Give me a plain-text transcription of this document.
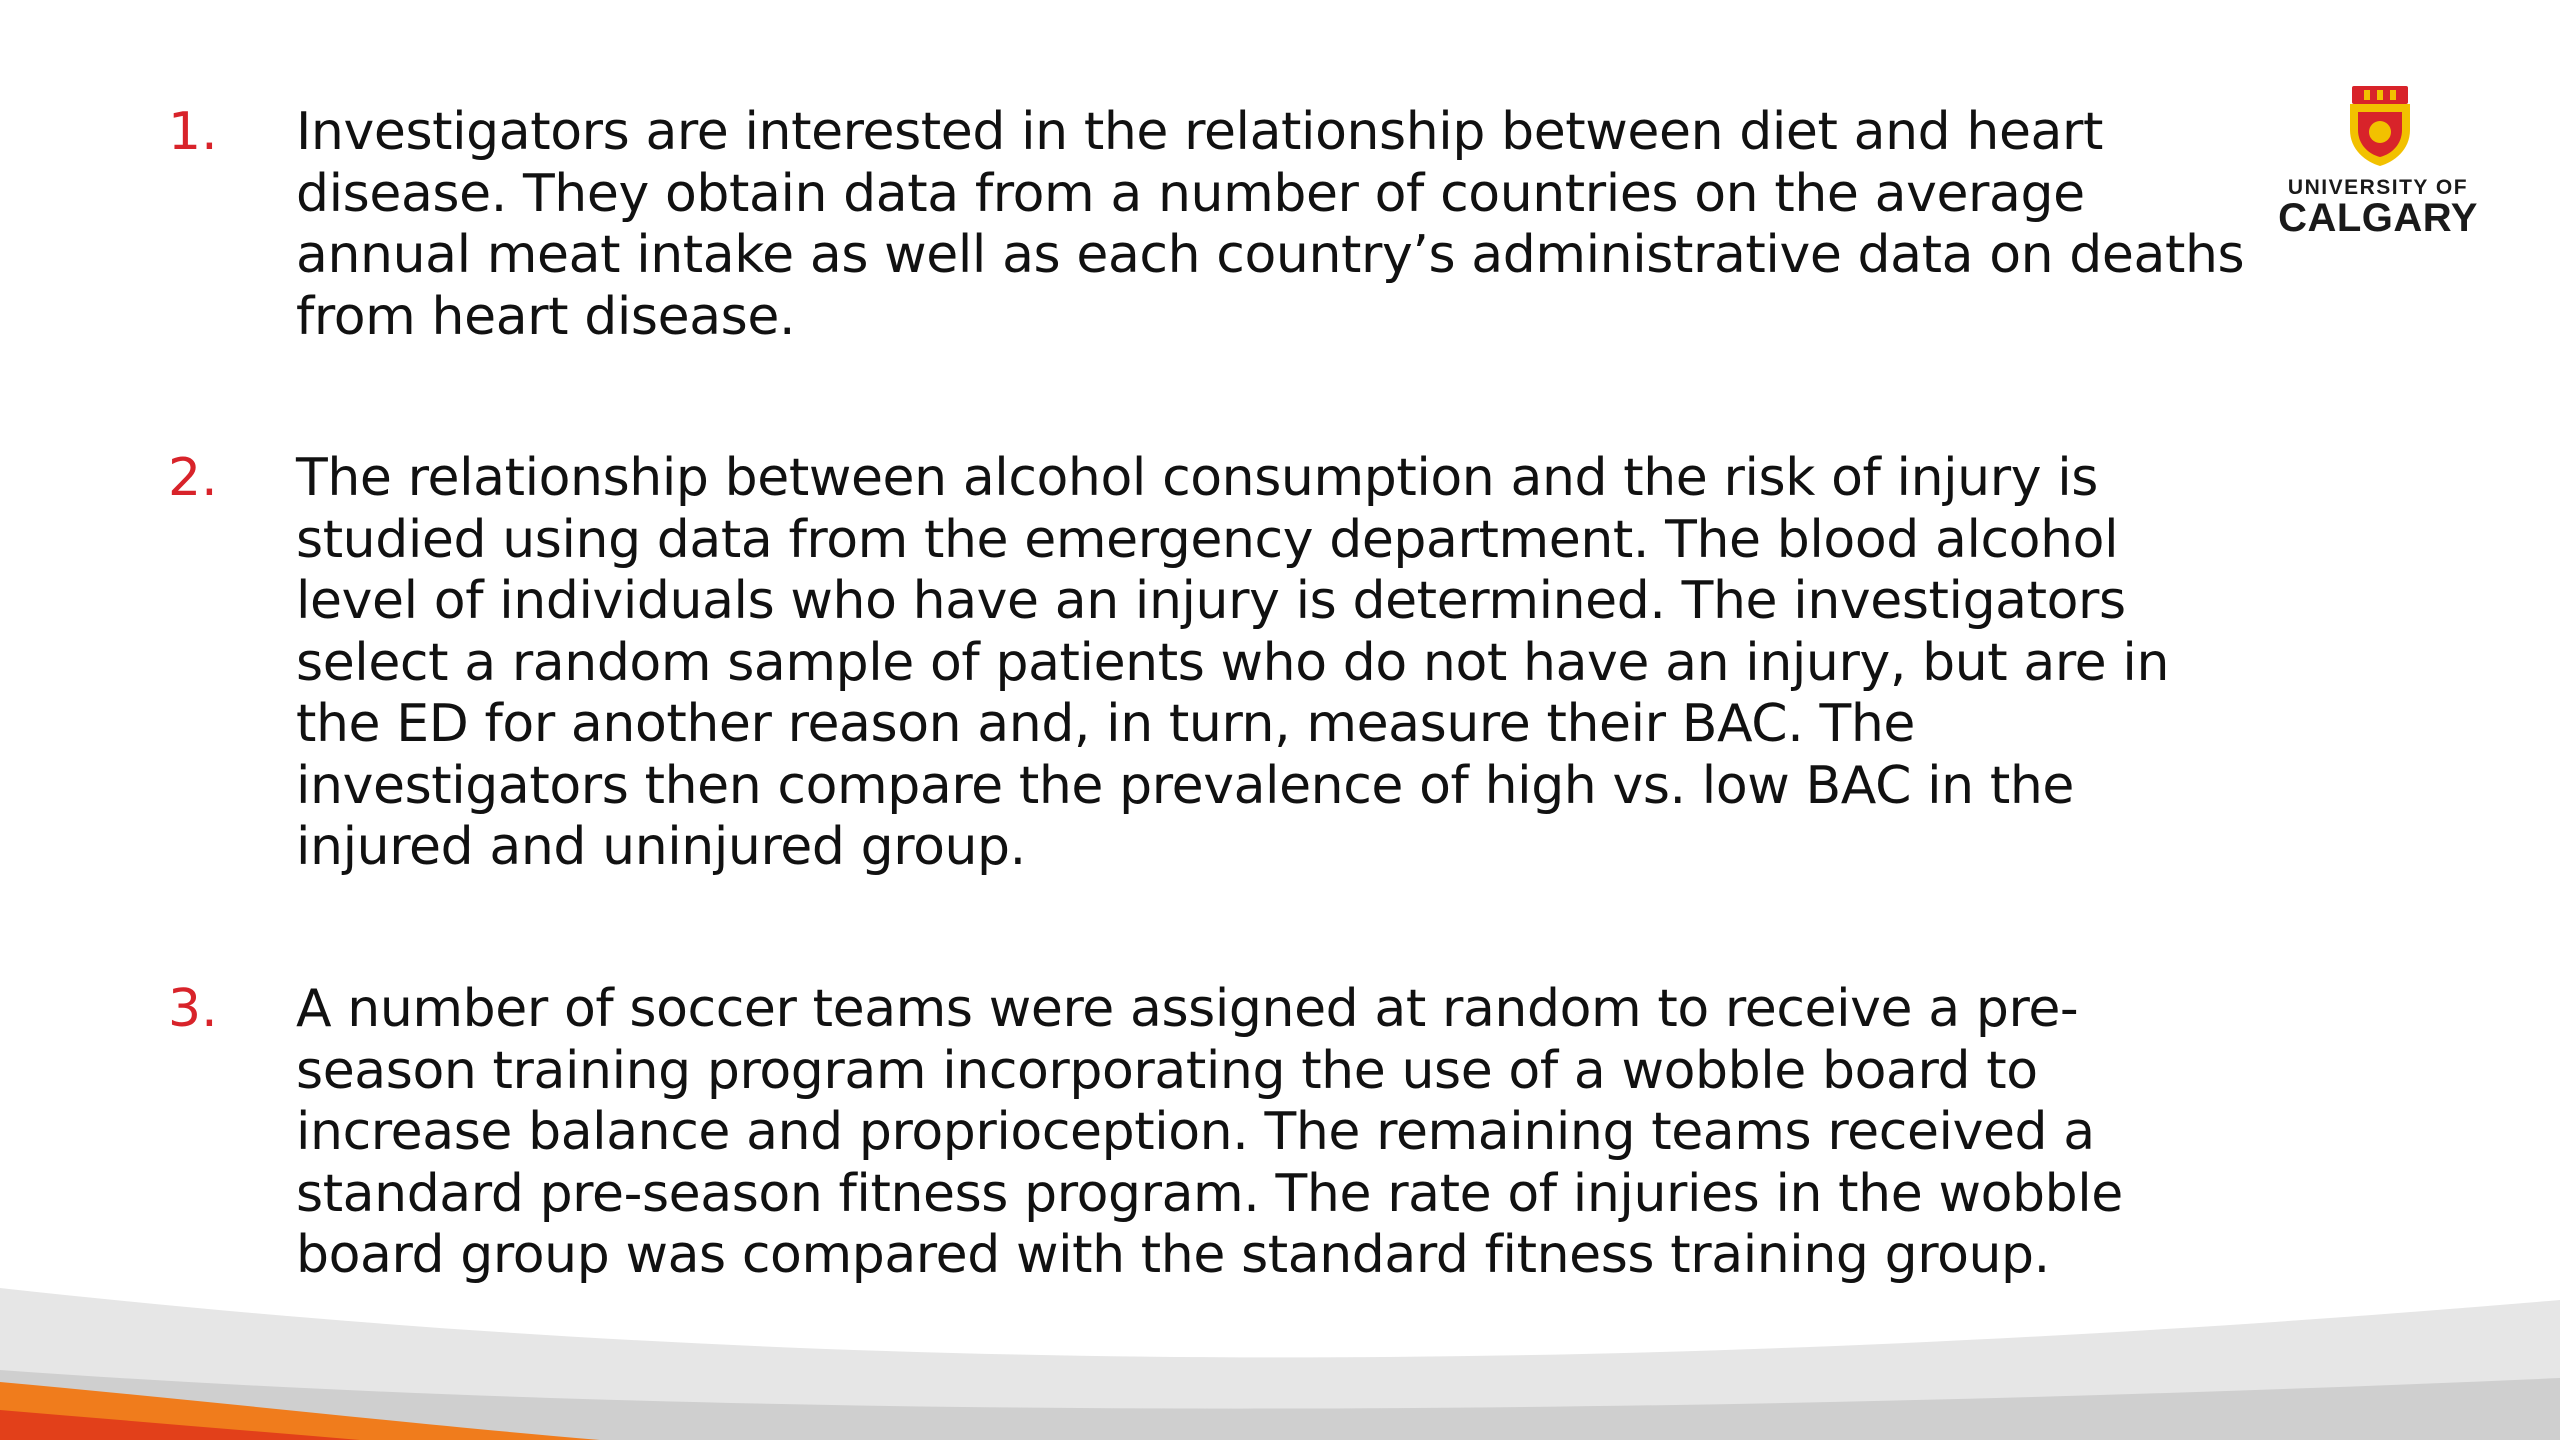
1. Investigators are interested in the relationship between diet and heart
disease. They obtain data from a number of countries on the average
annual meat intake as well as each country’s administrative data on deaths
from heart disease.
2. The relationship between alcohol consumption and the risk of injury is
studied using data from the emergency department. The blood alcohol
level of individuals who have an injury is determined. The investigators
select a random sample of patients who do not have an injury, but are in
the ED for another reason and, in turn, measure their BAC. The
investigators then compare the prevalence of high vs. low BAC in the
injured and uninjured group.
3. A number of soccer teams were assigned at random to receive a pre-
season training program incorporating the use of a wobble board to
increase balance and proprioception. The remaining teams received a
standard pre-season fitness program. The rate of injuries in the wobble
board group was compared with the standard fitness training group.
UNIVERSITY OF
CALGARY
